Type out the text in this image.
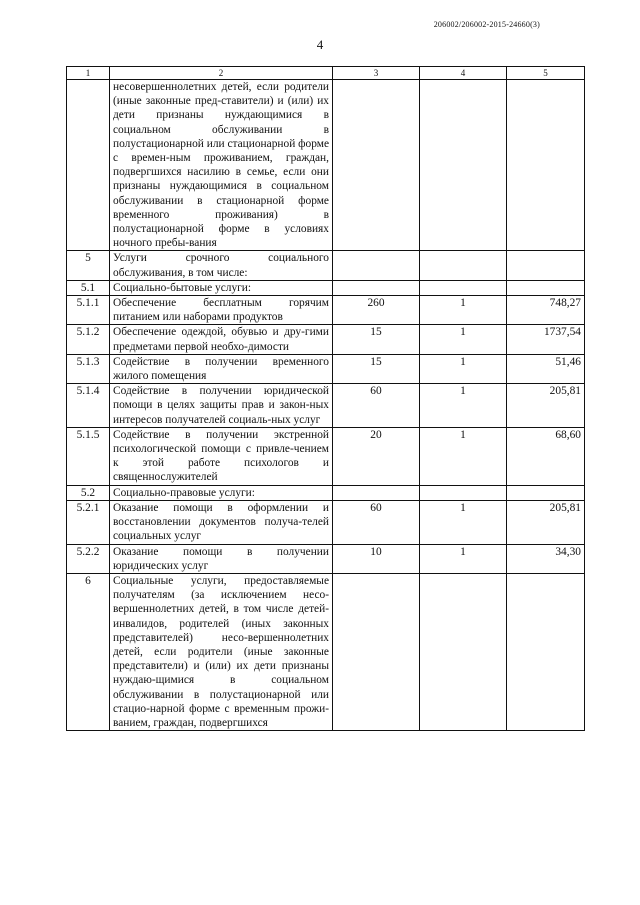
206002/206002-2015-24660(3)
4
1	2	3	4	5
	несовершеннолетних детей, если родители (иные законные пред-ставители) и (или) их дети признаны нуждающимися в социальном обслуживании в полустационарной или стационарной форме с времен-ным проживанием, граждан, подвергшихся насилию в семье, если они признаны нуждающимися в социальном обслуживании в стационарной форме временного проживания) в полустационарной форме в условиях ночного пребы-вания			
5	Услуги срочного социального обслуживания, в том числе:			
5.1	Социально-бытовые услуги:			
5.1.1	Обеспечение бесплатным горячим питанием или наборами продуктов	260	1	748,27
5.1.2	Обеспечение одеждой, обувью и дру-гими предметами первой необхо-димости	15	1	1737,54
5.1.3	Содействие в получении временного жилого помещения	15	1	51,46
5.1.4	Содействие в получении юридической помощи в целях защиты прав и закон-ных интересов получателей социаль-ных услуг	60	1	205,81
5.1.5	Содействие в получении экстренной психологической помощи с привле-чением к этой работе психологов и священнослужителей	20	1	68,60
5.2	Социально-правовые услуги:			
5.2.1	Оказание помощи в оформлении и восстановлении документов получа-телей социальных услуг	60	1	205,81
5.2.2	Оказание помощи в получении юридических услуг	10	1	34,30
6	Социальные услуги, предоставляемые получателям (за исключением несо-вершеннолетних детей, в том числе детей-инвалидов, родителей (иных законных представителей) несо-вершеннолетних детей, если родители (иные законные представители) и (или) их дети признаны нуждаю-щимися в социальном обслуживании в полустационарной или стацио-нарной форме с временным прожи-ванием, граждан, подвергшихся			
